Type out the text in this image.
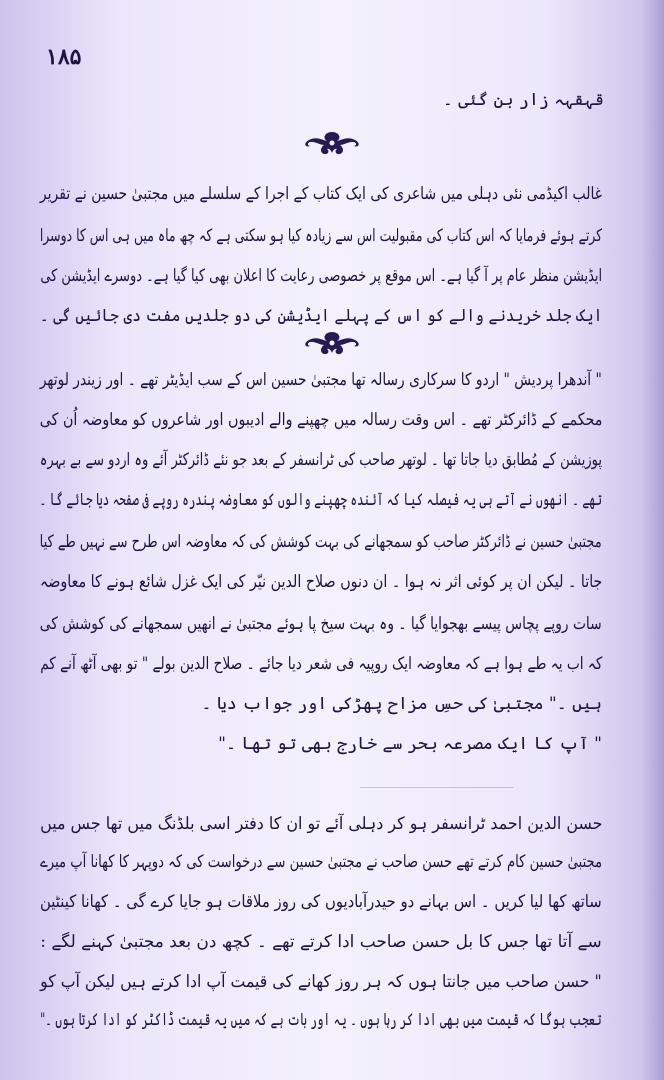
۱۸۵
قہقہہ زار بن گئی ۔
غالب اکیڈمی نئی دہلی میں شاعری کی ایک کتاب کے اجرا کے سلسلے میں مجتبیٰ حسین نے تقریر
کرتے ہوئے فرمایا کہ اس کتاب کی مقبولیت اس سے زیادہ کیا ہو سکتی ہے کہ چھ ماہ میں ہی اس کا دوسرا
ایڈیشن منظر عام پر آ گیا ہے۔ اس موقع پر خصوصی رعایت کا اعلان بھی کیا گیا ہے۔ دوسرے ایڈیشن کی
ایک جلد خریدنے والے کو اس کے پہلے ایڈیشن کی دو جلدیں مفت دی جائیں گی ۔
" آندھرا پردیش " اردو کا سرکاری رسالہ تھا مجتبیٰ حسین اس کے سب ایڈیٹر تھے ۔ اور زیندر لوتھر
محکمے کے ڈائرکٹر تھے ۔ اس وقت رسالہ میں چھپنے والے ادیبوں اور شاعروں کو معاوضہ اُن کی
پوزیشن کے مُطابق دیا جاتا تھا ۔ لوتھر صاحب کی ٹرانسفر کے بعد جو نئے ڈائرکٹر آئے وہ اردو سے بے بہرہ
تھے ۔ انھوں نے آتے ہی یہ فیصلہ کیا کہ آئندہ چھپنے والوں کو معاوضہ پندرہ روپے فی صفحہ دیا جائے گا ۔
مجتبیٰ حسین نے ڈائرکٹر صاحب کو سمجھانے کی بہت کوشش کی کہ معاوضہ اس طرح سے نہیں طے کیا
جاتا ۔ لیکن ان پر کوئی اثر نہ ہوا ۔ ان دنوں صلاح الدین نیّر کی ایک غزل شائع ہونے کا معاوضہ
سات روپے پچاس پیسے بھجوایا گیا ۔ وہ بہت سیخ پا ہوئے مجتبیٰ نے انھیں سمجھانے کی کوشش کی
کہ اب یہ طے ہوا ہے کہ معاوضہ ایک روپیہ فی شعر دیا جائے ۔ صلاح الدین بولے " تو بھی آٹھ آنے کم
ہیں ۔" مجتبیٰ کی حسِ مزاح پھڑکی اور جواب دیا ۔
" آپ کا ایک مصرعہ بحر سے خارج بھی تو تھا ۔"
حسن الدین احمد ٹرانسفر ہو کر دہلی آئے تو ان کا دفتر اسی بلڈنگ میں تھا جس میں
مجتبیٰ حسین کام کرتے تھے حسن صاحب نے مجتبیٰ حسین سے درخواست کی کہ دوپہر کا کھانا آپ میرے
ساتھ کھا لیا کریں ۔ اس بہانے دو حیدرآبادیوں کی روز ملاقات ہو جایا کرے گی ۔ کھانا کینٹین
سے آتا تھا جس کا بل حسن صاحب ادا کرتے تھے ۔ کچھ دن بعد مجتبیٰ کہنے لگے :
" حسن صاحب میں جانتا ہوں کہ ہر روز کھانے کی قیمت آپ ادا کرتے ہیں لیکن آپ کو
تعجب ہوگا کہ قیمت میں بھی ادا کر رہا ہوں ۔ یہ اور بات ہے کہ میں یہ قیمت ڈاکٹر کو ادا کرتا ہوں ۔"
